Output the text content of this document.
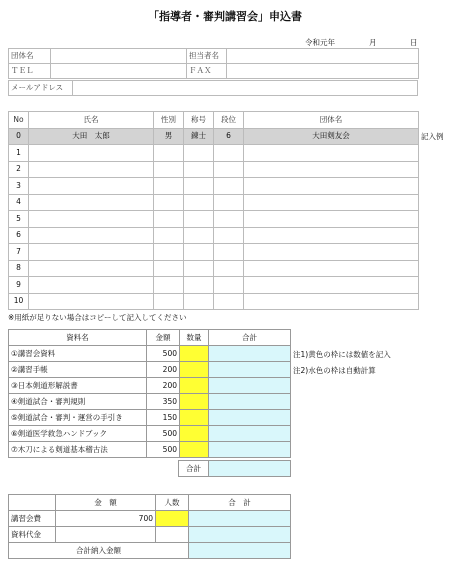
「指導者・審判講習会」申込書
令和元年	月	日
団体名		担当者名	
ＴＥＬ		ＦＡＸ	
メールアドレス	
No	氏名	性別	称号	段位	団体名
0	大田　太郎	男	錬士	6	大田剣友会
1					
2					
3					
4					
5					
6					
7					
8					
9					
10					
記入例
※用紙が足りない場合はコピーして記入してください
資料名	金額	数量	合計
①講習会資料	500		
②講習手帳	200		
③日本剣道形解説書	200		
④剣道試合・審判規則	350		
⑤剣道試合・審判・運営の手引き	150		
⑥剣道医学救急ハンドブック	500		
⑦木刀による剣道基本稽古法	500		
合計	
注1)黄色の枠には数値を記入
注2)水色の枠は自動計算
	金　額	人数	合　計
講習会費	700		
資料代金			
合計納入金額			
